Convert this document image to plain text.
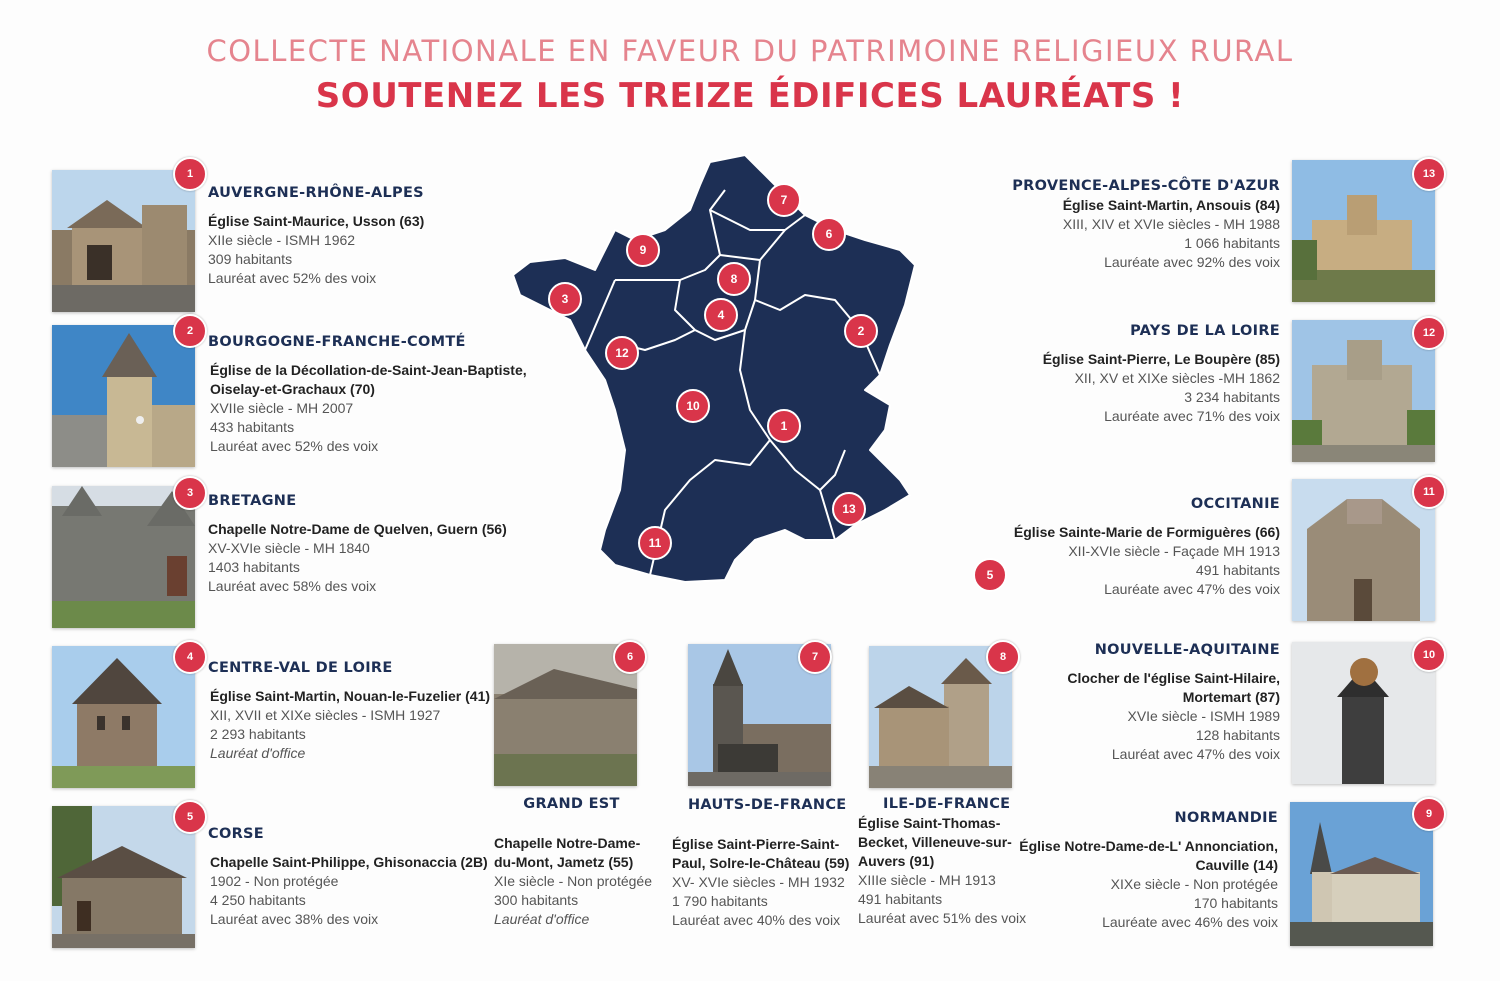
COLLECTE NATIONALE EN FAVEUR DU PATRIMOINE RELIGIEUX RURAL
SOUTENEZ LES TREIZE ÉDIFICES LAURÉATS !
1
AUVERGNE-RHÔNE-ALPES
Église Saint-Maurice, Usson (63)
XIIe siècle - ISMH 1962
309 habitants
Lauréat avec 52% des voix
2
BOURGOGNE-FRANCHE-COMTÉ
Église de la Décollation-de-Saint-Jean-Baptiste, Oiselay-et-Grachaux (70)
XVIIe siècle - MH 2007
433 habitants
Lauréat avec 52% des voix
3	BRETAGNE
Chapelle Notre-Dame de Quelven, Guern (56)
XV-XVIe siècle - MH 1840
1403 habitants
Lauréat avec 58% des voix
4
CENTRE-VAL DE LOIRE
Église Saint-Martin, Nouan-le-Fuzelier (41)
XII, XVII et XIXe siècles - ISMH 1927
2 293 habitants
Lauréat d'office
5
CORSE
Chapelle Saint-Philippe, Ghisonaccia (2B)
1902 - Non protégée
4 250 habitants
Lauréat avec 38% des voix
6
GRAND EST
Chapelle Notre-Dame-du-Mont, Jametz (55)
XIe siècle - Non protégée
300 habitants
Lauréat d'office
7
HAUTS-DE-FRANCE
Église Saint-Pierre-Saint-Paul, Solre-le-Château (59)
XV- XVIe siècles - MH 1932
1 790 habitants
Lauréat avec 40% des voix
8
ILE-DE-FRANCE
Église Saint-Thomas-Becket, Villeneuve-sur-Auvers (91)
XIIIe siècle - MH 1913
491 habitants
Lauréat avec 51% des voix
13
PROVENCE-ALPES-CÔTE D'AZUR
Église Saint-Martin, Ansouis (84)
XIII, XIV et XVIe siècles - MH 1988
1 066 habitants
Lauréate avec 92% des voix
12
PAYS DE LA LOIRE
Église Saint-Pierre, Le Boupère (85)
XII, XV et XIXe siècles -MH 1862
3 234 habitants
Lauréate avec 71% des voix
11
OCCITANIE
Église Sainte-Marie de Formiguères (66)
XII-XVIe siècle - Façade MH 1913
491 habitants
Lauréate avec 47% des voix
10
NOUVELLE-AQUITAINE
Clocher de l'église Saint-Hilaire, Mortemart (87)
XVIe siècle - ISMH 1989
128 habitants
Lauréat avec 47% des voix
9
NORMANDIE
Église Notre-Dame-de-L' Annonciation, Cauville (14)
XIXe siècle - Non protégée
170 habitants
Lauréate avec 46% des voix
7
6
9
8
3
4
2
12
10
1
13
11
5
